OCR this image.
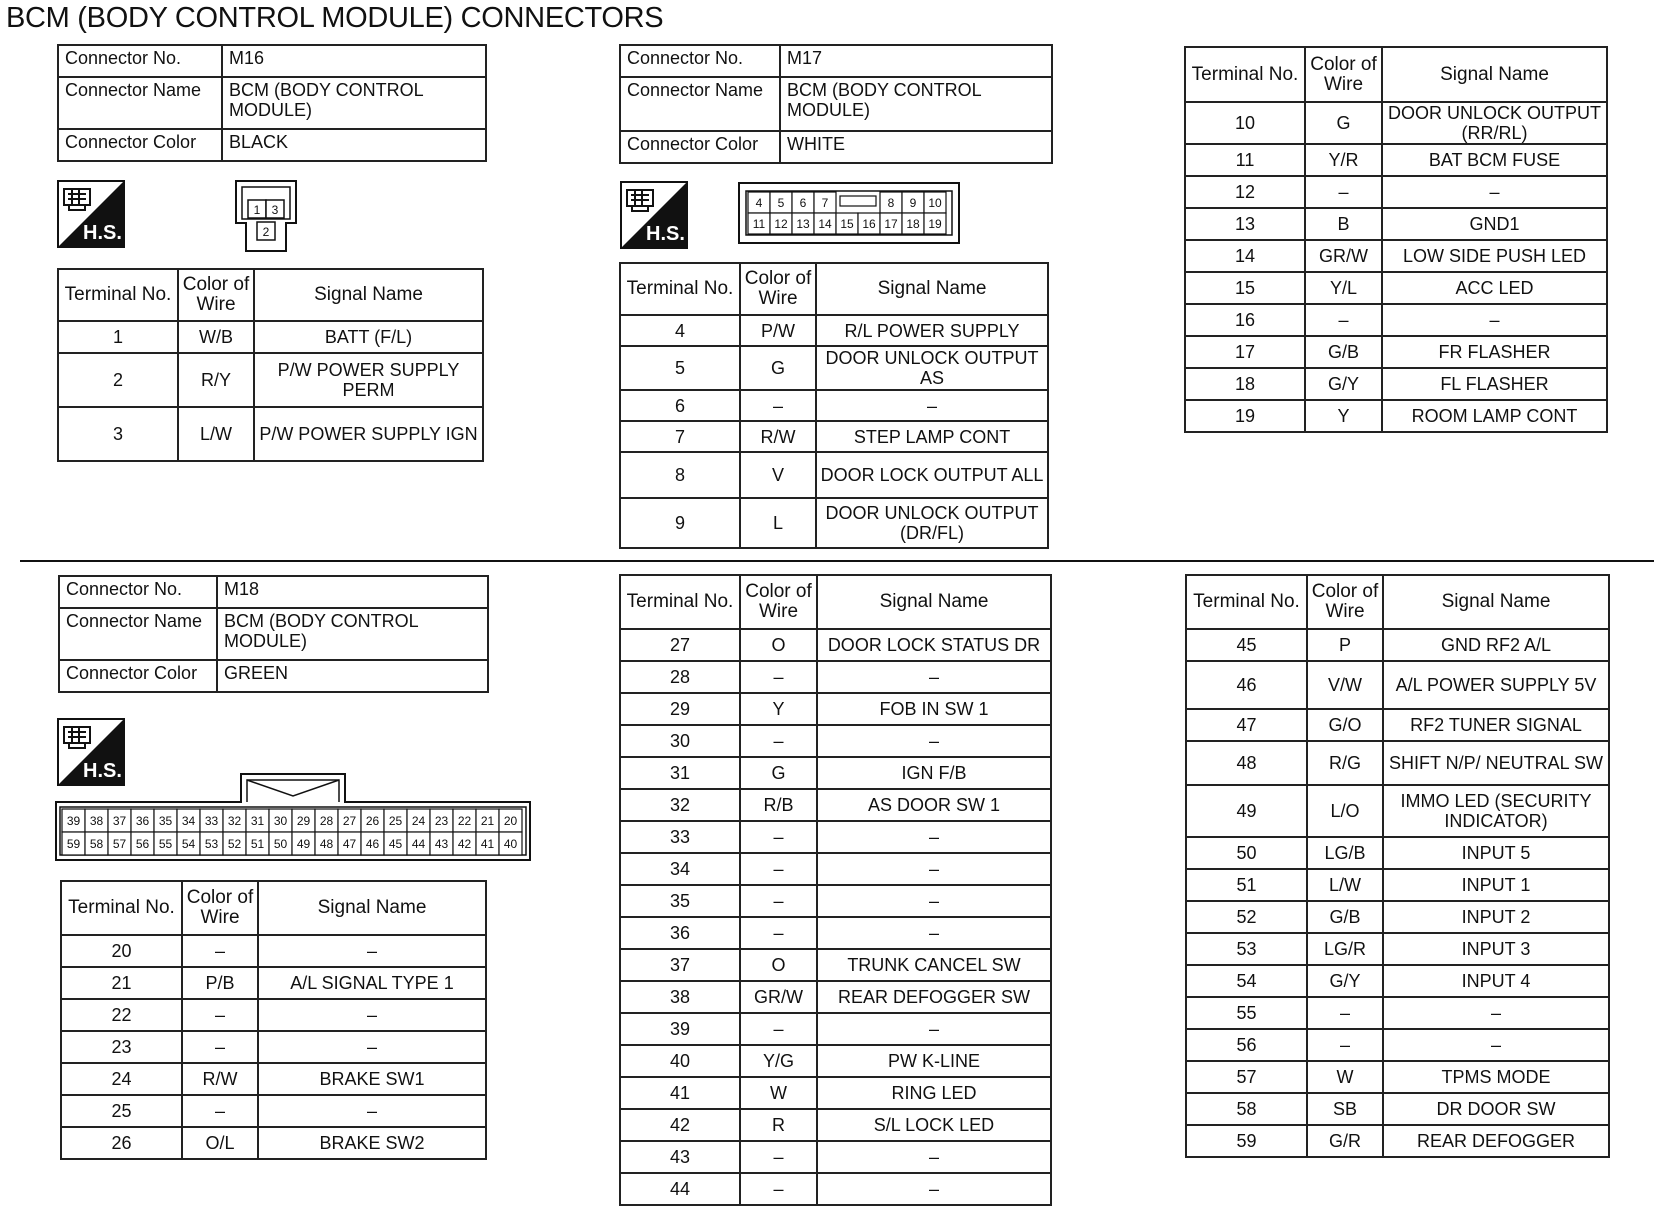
BCM (BODY CONTROL MODULE) CONNECTORS
Connector No.	M16
Connector Name	BCM (BODY CONTROL MODULE)
Connector Color	BLACK
H.S.
1 3
2
Terminal No.	Color of Wire	Signal Name
1	W/B	BATT (F/L)
2	R/Y	P/W POWER SUPPLY PERM
3	L/W	P/W POWER SUPPLY IGN
Connector No.	M17
Connector Name	BCM (BODY CONTROL MODULE)
Connector Color	WHITE
H.S.
4 5 6 7	8 9 10
11 12 13 14 15 16 17 18 19
Terminal No.	Color of Wire	Signal Name
4	P/W	R/L POWER SUPPLY
5	G	DOOR UNLOCK OUTPUT AS
6	–	–
7	R/W	STEP LAMP CONT
8	V	DOOR LOCK OUTPUT ALL
9	L	DOOR UNLOCK OUTPUT (DR/FL)
Terminal No.	Color of Wire	Signal Name
10	G	DOOR UNLOCK OUTPUT (RR/RL)
11	Y/R	BAT BCM FUSE
12	–	–
13	B	GND1
14	GR/W	LOW SIDE PUSH LED
15	Y/L	ACC LED
16	–	–
17	G/B	FR FLASHER
18	G/Y	FL FLASHER
19	Y	ROOM LAMP CONT
Connector No.	M18
Connector Name	BCM (BODY CONTROL MODULE)
Connector Color	GREEN
H.S.
39 38 37 36 35 34 33 32 31 30 29 28 27 26 25 24 23 22 21 20
59 58 57 56 55 54 53 52 51 50 49 48 47 46 45 44 43 42 41 40
Terminal No.	Color of Wire	Signal Name
20	–	–
21	P/B	A/L SIGNAL TYPE 1
22	–	–
23	–	–
24	R/W	BRAKE SW1
25	–	–
26	O/L	BRAKE SW2
Terminal No.	Color of Wire	Signal Name
27	O	DOOR LOCK STATUS DR
28	–	–
29	Y	FOB IN SW 1
30	–	–
31	G	IGN F/B
32	R/B	AS DOOR SW 1
33	–	–
34	–	–
35	–	–
36	–	–
37	O	TRUNK CANCEL SW
38	GR/W	REAR DEFOGGER SW
39	–	–
40	Y/G	PW K-LINE
41	W	RING LED
42	R	S/L LOCK LED
43	–	–
44	–	–
Terminal No.	Color of Wire	Signal Name
45	P	GND RF2 A/L
46	V/W	A/L POWER SUPPLY 5V
47	G/O	RF2 TUNER SIGNAL
48	R/G	SHIFT N/P/ NEUTRAL SW
49	L/O	IMMO LED (SECURITY INDICATOR)
50	LG/B	INPUT 5
51	L/W	INPUT 1
52	G/B	INPUT 2
53	LG/R	INPUT 3
54	G/Y	INPUT 4
55	–	–
56	–	–
57	W	TPMS MODE
58	SB	DR DOOR SW
59	G/R	REAR DEFOGGER
